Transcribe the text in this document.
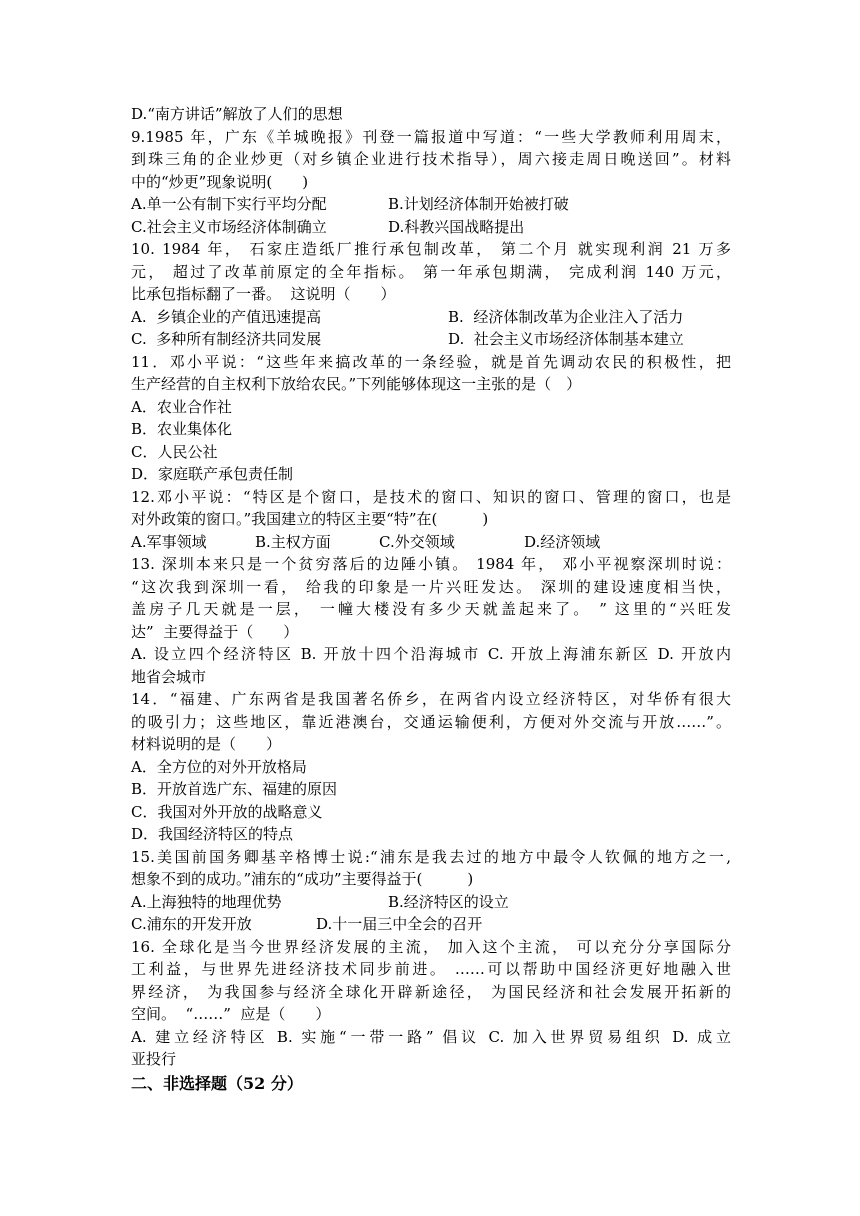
D.“南方讲话”解放了人们的思想
9.1985 年，广东《羊城晚报》刊登一篇报道中写道：“一些大学教师利用周末，
到珠三角的企业炒更（对乡镇企业进行技术指导），周六接走周日晚送回”。材料
中的“炒更”现象说明(　　)
A.单一公有制下实行平均分配	B.计划经济体制开始被打破
C.社会主义市场经济体制确立	D.科教兴国战略提出
10. 1984 年， 石家庄造纸厂推行承包制改革， 第二个月 就实现利润 21 万多
元， 超过了改革前原定的全年指标。 第一年承包期满， 完成利润 140 万元，
比承包指标翻了一番。  这说明（　　）
A.  乡镇企业的产值迅速提高	B.  经济体制改革为企业注入了活力
C.  多种所有制经济共同发展	D.  社会主义市场经济体制基本建立
11．邓小平说：“这些年来搞改革的一条经验，就是首先调动农民的积极性，把
生产经营的自主权利下放给农民。”下列能够体现这一主张的是（　）
A．农业合作社
B．农业集体化
C．人民公社
D．家庭联产承包责任制
12.邓小平说：“特区是个窗口，是技术的窗口、知识的窗口、管理的窗口，也是
对外政策的窗口。”我国建立的特区主要“特”在(　　　)
A.军事领域	B.主权方面	C.外交领域	D.经济领域
13. 深圳本来只是一个贫穷落后的边陲小镇。 1984 年， 邓小平视察深圳时说：
“这次我到深圳一看， 给我的印象是一片兴旺发达。 深圳的建设速度相当快，
盖房子几天就是一层， 一幢大楼没有多少天就盖起来了。 ” 这里的“兴旺发
达”  主要得益于（　　）
A. 设立四个经济特区 B. 开放十四个沿海城市 C. 开放上海浦东新区 D. 开放内
地省会城市
14．“福建、广东两省是我国著名侨乡，在两省内设立经济特区，对华侨有很大
的吸引力；这些地区，靠近港澳台，交通运输便利，方便对外交流与开放……”。
材料说明的是（　　）
A．全方位的对外开放格局
B．开放首选广东、福建的原因
C．我国对外开放的战略意义
D．我国经济特区的特点
15.美国前国务卿基辛格博士说:“浦东是我去过的地方中最令人钦佩的地方之一,
想象不到的成功。”浦东的“成功”主要得益于(　　　)
A.上海独特的地理优势	B.经济特区的设立
C.浦东的开发开放	D.十一届三中全会的召开
16. 全球化是当今世界经济发展的主流， 加入这个主流， 可以充分分享国际分
工利益，与世界先进经济技术同步前进。 ……可以帮助中国经济更好地融入世
界经济， 为我国参与经济全球化开辟新途径， 为国民经济和社会发展开拓新的
空间。  “……”  应是（　　）
A. 建立经济特区 B. 实施“一带一路” 倡议 C. 加入世界贸易组织 D. 成立
亚投行
二、非选择题（52 分）
